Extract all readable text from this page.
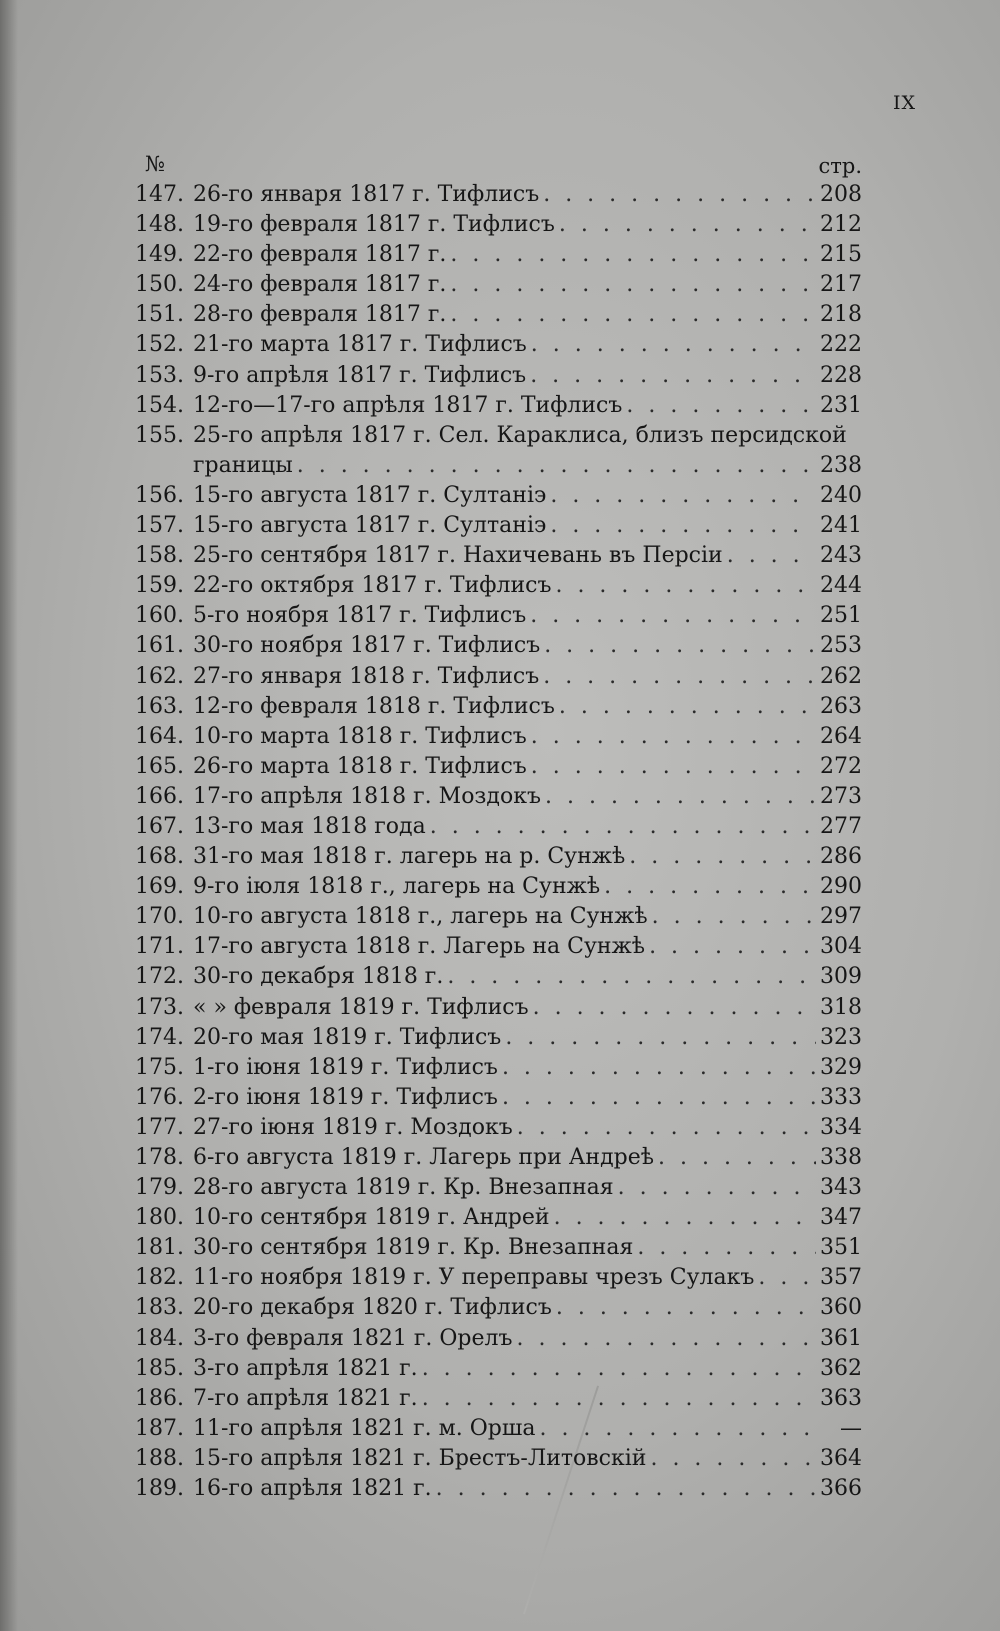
IX
№	стр.
147. 26-го января 1817 г. Тифлисъ . . .	208
148. 19-го февраля 1817 г. Тифлисъ . . .	212
149. 22-го февраля 1817 г. . . .	215
150. 24-го февраля 1817 г. . . .	217
151. 28-го февраля 1817 г. . . .	218
152. 21-го марта 1817 г. Тифлисъ . . .	222
153. 9-го апрѣля 1817 г. Тифлисъ . . .	228
154. 12-го—17-го апрѣля 1817 г. Тифлисъ . . .	231
155. 25-го апрѣля 1817 г. Сел. Караклиса, близъ персидской
границы . . .	238
156. 15-го августа 1817 г. Султаніэ . . .	240
157. 15-го августа 1817 г. Султаніэ . . .	241
158. 25-го сентября 1817 г. Нахичевань въ Персіи . . .	243
159. 22-го октября 1817 г. Тифлисъ . . .	244
160. 5-го ноября 1817 г. Тифлисъ . . .	251
161. 30-го ноября 1817 г. Тифлисъ . . .	253
162. 27-го января 1818 г. Тифлисъ . . .	262
163. 12-го февраля 1818 г. Тифлисъ . . .	263
164. 10-го марта 1818 г. Тифлисъ . . .	264
165. 26-го марта 1818 г. Тифлисъ . . .	272
166. 17-го апрѣля 1818 г. Моздокъ . . .	273
167. 13-го мая 1818 года . . .	277
168. 31-го мая 1818 г. лагерь на р. Сунжѣ . . .	286
169. 9-го іюля 1818 г., лагерь на Сунжѣ . . .	290
170. 10-го августа 1818 г., лагерь на Сунжѣ . . .	297
171. 17-го августа 1818 г. Лагерь на Сунжѣ . . .	304
172. 30-го декабря 1818 г. . . .	309
173. « » февраля 1819 г. Тифлисъ . . .	318
174. 20-го мая 1819 г. Тифлисъ . . .	323
175. 1-го іюня 1819 г. Тифлисъ . . .	329
176. 2-го іюня 1819 г. Тифлисъ . . .	333
177. 27-го іюня 1819 г. Моздокъ . . .	334
178. 6-го августа 1819 г. Лагерь при Андреѣ . . .	338
179. 28-го августа 1819 г. Кр. Внезапная . . .	343
180. 10-го сентября 1819 г. Андрей . . .	347
181. 30-го сентября 1819 г. Кр. Внезапная . . .	351
182. 11-го ноября 1819 г. У переправы чрезъ Сулакъ . . .	357
183. 20-го декабря 1820 г. Тифлисъ . . .	360
184. 3-го февраля 1821 г. Орелъ . . .	361
185. 3-го апрѣля 1821 г. . . .	362
186. 7-го апрѣля 1821 г. . . .	363
187. 11-го апрѣля 1821 г. м. Орша . . .	—
188. 15-го апрѣля 1821 г. Брестъ-Литовскій . . .	364
189. 16-го апрѣля 1821 г. . . .	366
